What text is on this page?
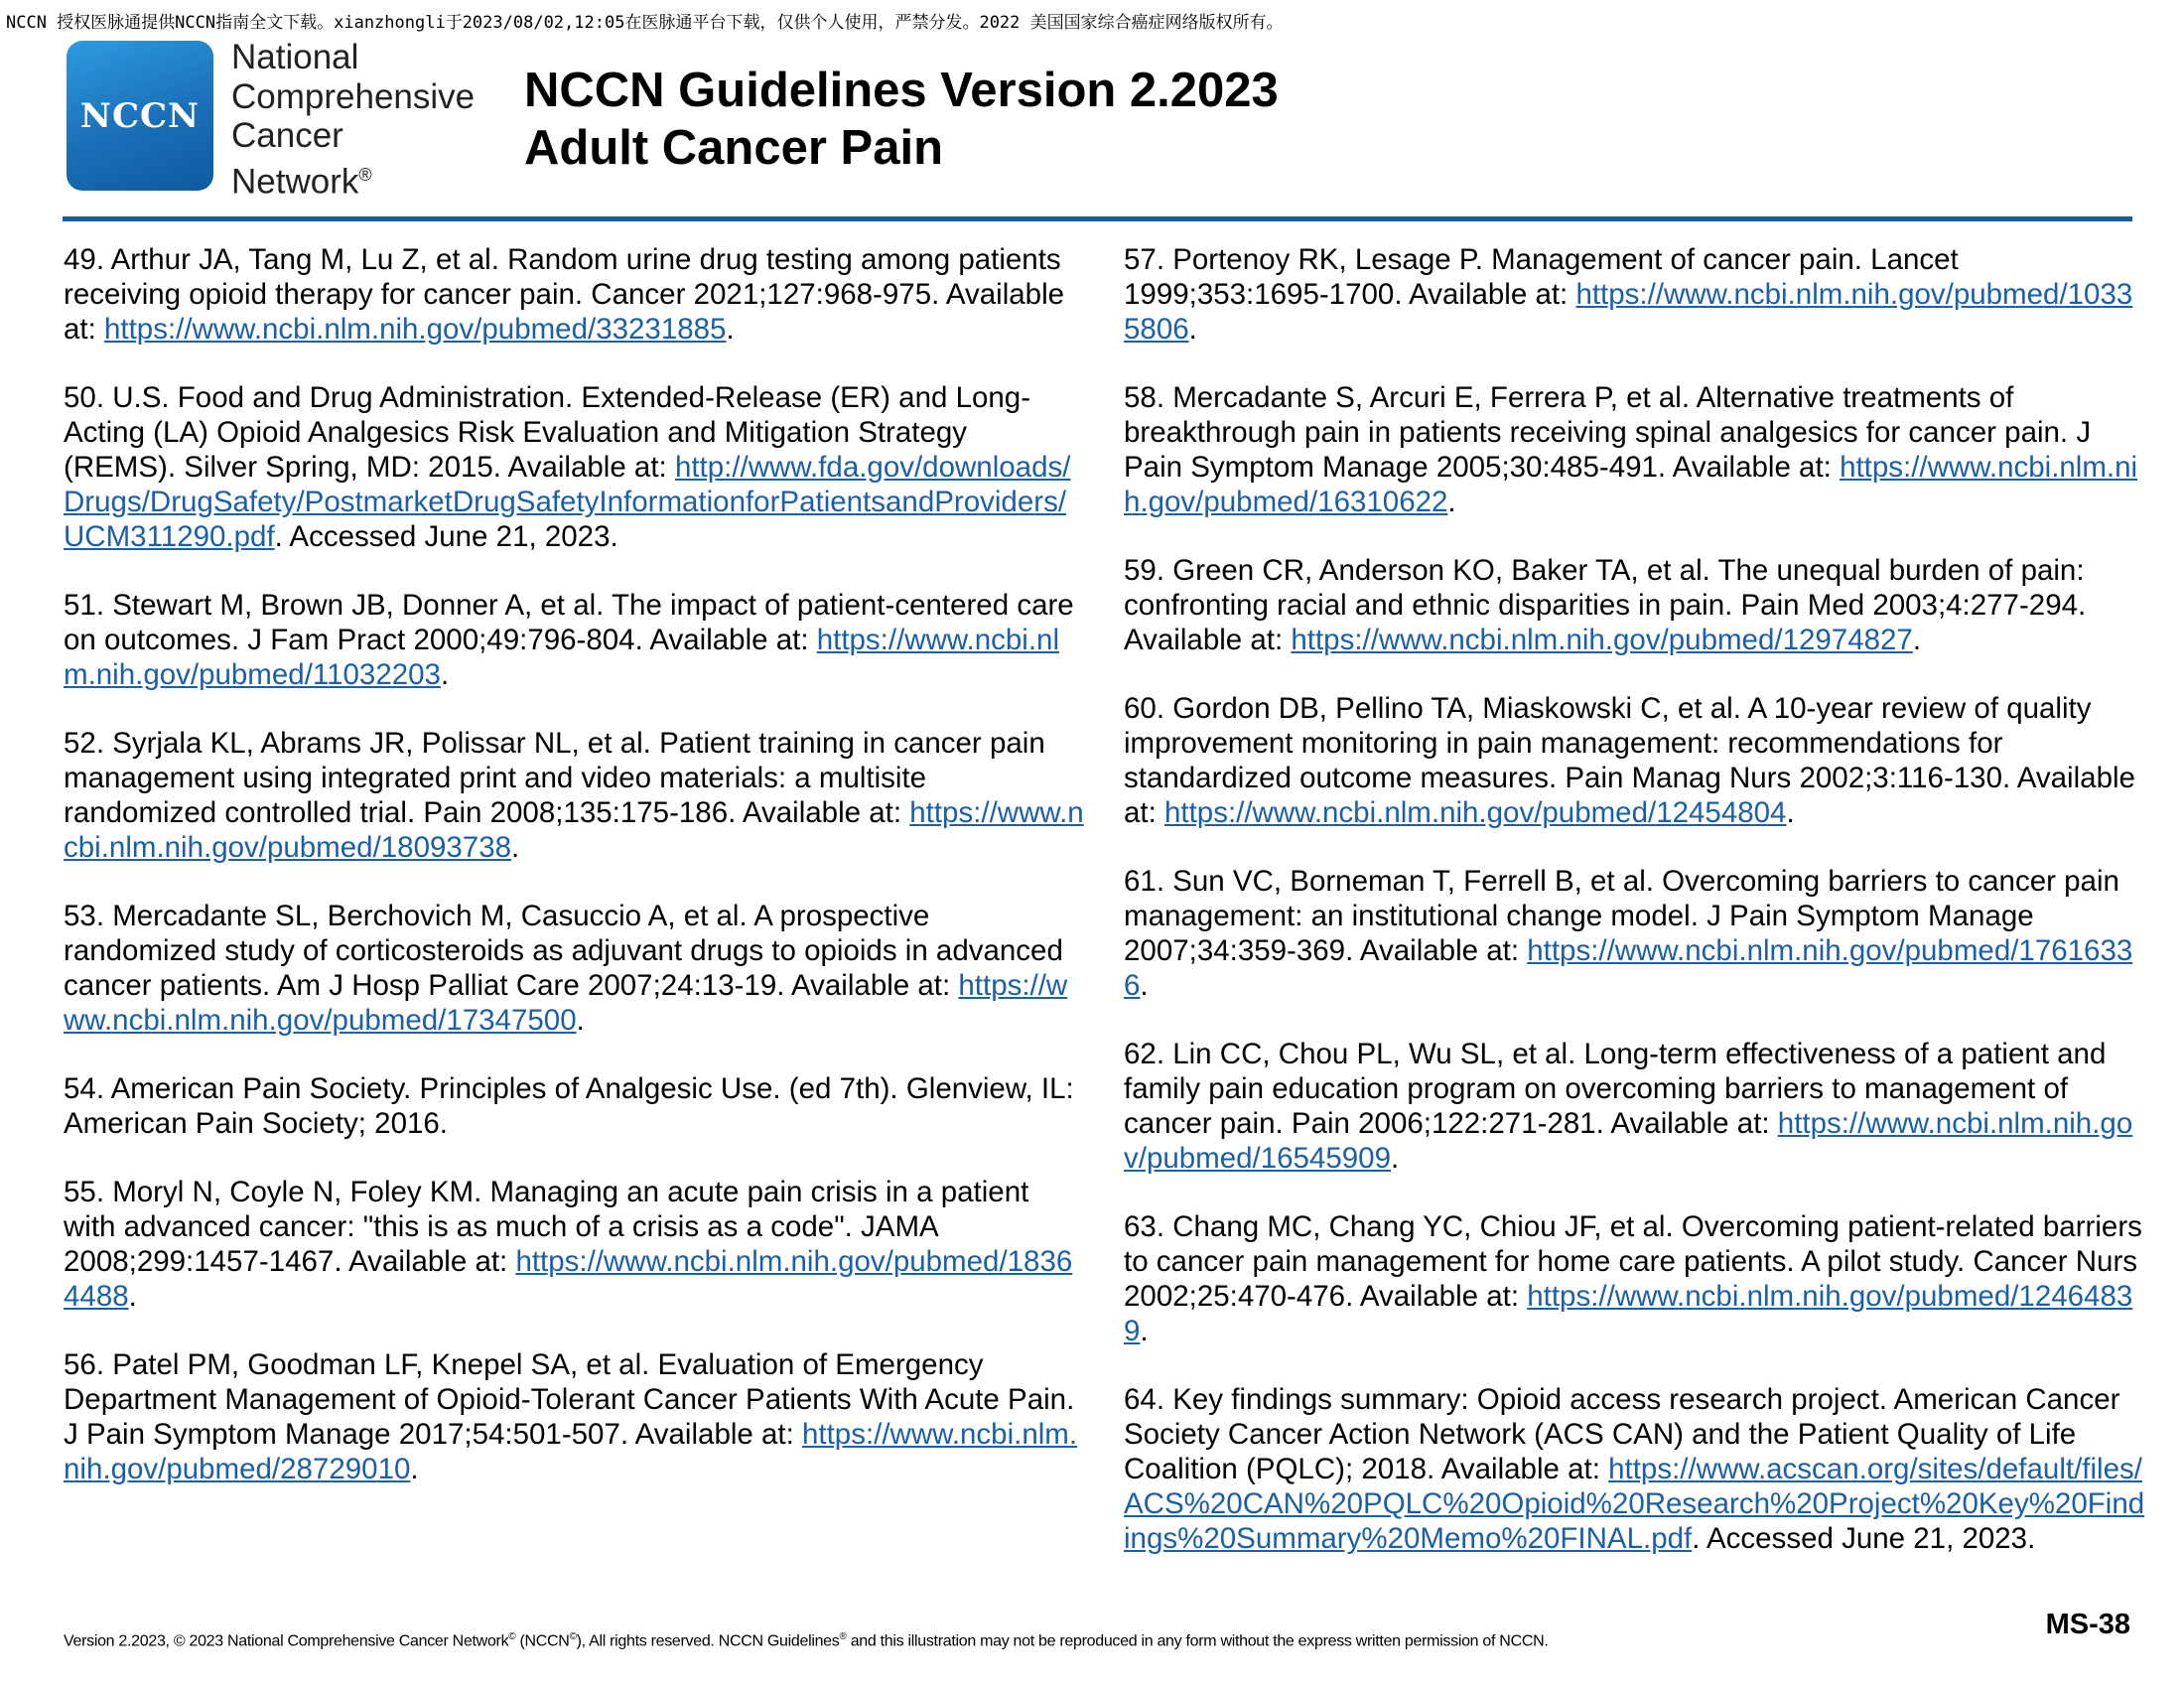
NCCN 授权医脉通提供NCCN指南全文下载。xianzhongli于2023/08/02,12:05在医脉通平台下载，仅供个人使用，严禁分发。2022 美国国家综合癌症网络版权所有。
NCCN
National
Comprehensive
Cancer
Network®
NCCN Guidelines Version 2.2023
Adult Cancer Pain

49. Arthur JA, Tang M, Lu Z, et al. Random urine drug testing among patients receiving opioid therapy for cancer pain. Cancer 2021;127:968-975. Available at: https://www.ncbi.nlm.nih.gov/pubmed/33231885.

50. U.S. Food and Drug Administration. Extended-Release (ER) and Long-Acting (LA) Opioid Analgesics Risk Evaluation and Mitigation Strategy (REMS). Silver Spring, MD: 2015. Available at: http://www.fda.gov/downloads/Drugs/DrugSafety/PostmarketDrugSafetyInformationforPatientsandProviders/UCM311290.pdf. Accessed June 21, 2023.

51. Stewart M, Brown JB, Donner A, et al. The impact of patient-centered care on outcomes. J Fam Pract 2000;49:796-804. Available at: https://www.ncbi.nlm.nih.gov/pubmed/11032203.

52. Syrjala KL, Abrams JR, Polissar NL, et al. Patient training in cancer pain management using integrated print and video materials: a multisite randomized controlled trial. Pain 2008;135:175-186. Available at: https://www.ncbi.nlm.nih.gov/pubmed/18093738.

53. Mercadante SL, Berchovich M, Casuccio A, et al. A prospective randomized study of corticosteroids as adjuvant drugs to opioids in advanced cancer patients. Am J Hosp Palliat Care 2007;24:13-19. Available at: https://www.ncbi.nlm.nih.gov/pubmed/17347500.

54. American Pain Society. Principles of Analgesic Use. (ed 7th). Glenview, IL: American Pain Society; 2016.

55. Moryl N, Coyle N, Foley KM. Managing an acute pain crisis in a patient with advanced cancer: "this is as much of a crisis as a code". JAMA 2008;299:1457-1467. Available at: https://www.ncbi.nlm.nih.gov/pubmed/18364488.

56. Patel PM, Goodman LF, Knepel SA, et al. Evaluation of Emergency Department Management of Opioid-Tolerant Cancer Patients With Acute Pain. J Pain Symptom Manage 2017;54:501-507. Available at: https://www.ncbi.nlm.nih.gov/pubmed/28729010.

57. Portenoy RK, Lesage P. Management of cancer pain. Lancet 1999;353:1695-1700. Available at: https://www.ncbi.nlm.nih.gov/pubmed/10335806.

58. Mercadante S, Arcuri E, Ferrera P, et al. Alternative treatments of breakthrough pain in patients receiving spinal analgesics for cancer pain. J Pain Symptom Manage 2005;30:485-491. Available at: https://www.ncbi.nlm.nih.gov/pubmed/16310622.

59. Green CR, Anderson KO, Baker TA, et al. The unequal burden of pain: confronting racial and ethnic disparities in pain. Pain Med 2003;4:277-294. Available at: https://www.ncbi.nlm.nih.gov/pubmed/12974827.

60. Gordon DB, Pellino TA, Miaskowski C, et al. A 10-year review of quality improvement monitoring in pain management: recommendations for standardized outcome measures. Pain Manag Nurs 2002;3:116-130. Available at: https://www.ncbi.nlm.nih.gov/pubmed/12454804.

61. Sun VC, Borneman T, Ferrell B, et al. Overcoming barriers to cancer pain management: an institutional change model. J Pain Symptom Manage 2007;34:359-369. Available at: https://www.ncbi.nlm.nih.gov/pubmed/17616336.

62. Lin CC, Chou PL, Wu SL, et al. Long-term effectiveness of a patient and family pain education program on overcoming barriers to management of cancer pain. Pain 2006;122:271-281. Available at: https://www.ncbi.nlm.nih.gov/pubmed/16545909.

63. Chang MC, Chang YC, Chiou JF, et al. Overcoming patient-related barriers to cancer pain management for home care patients. A pilot study. Cancer Nurs 2002;25:470-476. Available at: https://www.ncbi.nlm.nih.gov/pubmed/12464839.

64. Key findings summary: Opioid access research project. American Cancer Society Cancer Action Network (ACS CAN) and the Patient Quality of Life Coalition (PQLC); 2018. Available at: https://www.acscan.org/sites/default/files/ACS%20CAN%20PQLC%20Opioid%20Research%20Project%20Key%20Findings%20Summary%20Memo%20FINAL.pdf. Accessed June 21, 2023.

Version 2.2023, © 2023 National Comprehensive Cancer Network© (NCCN©), All rights reserved. NCCN Guidelines® and this illustration may not be reproduced in any form without the express written permission of NCCN.
MS-38
